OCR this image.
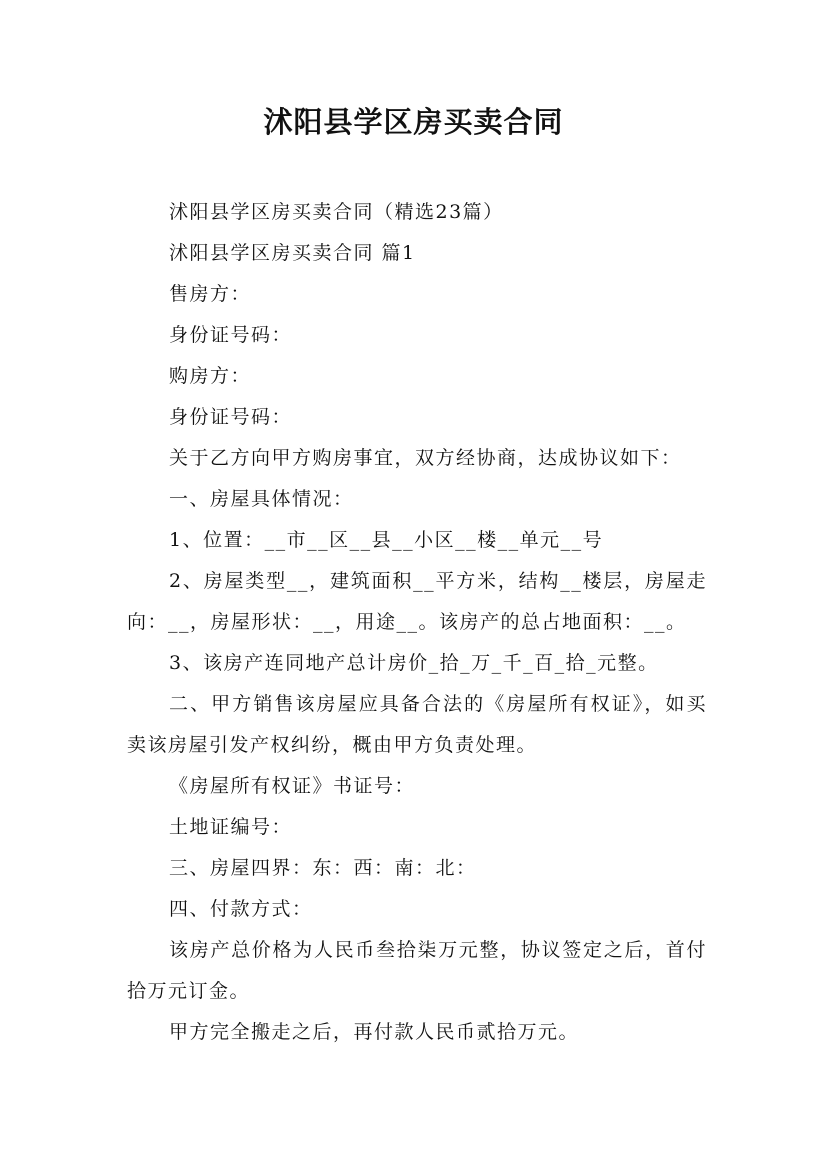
沭阳县学区房买卖合同

沭阳县学区房买卖合同（精选23篇）

沭阳县学区房买卖合同 篇1

售房方：

身份证号码：

购房方：

身份证号码：

关于乙方向甲方购房事宜，双方经协商，达成协议如下：

一、房屋具体情况：

1、位置：__市__区__县__小区__楼__单元__号

2、房屋类型__，建筑面积__平方米，结构__楼层，房屋走向：__，房屋形状：__，用途__。该房产的总占地面积：__。

3、该房产连同地产总计房价_拾_万_千_百_拾_元整。

二、甲方销售该房屋应具备合法的《房屋所有权证》，如买卖该房屋引发产权纠纷，概由甲方负责处理。

《房屋所有权证》书证号：

土地证编号：

三、房屋四界：东：西：南：北：

四、付款方式：

该房产总价格为人民币叁拾柒万元整，协议签定之后，首付拾万元订金。

甲方完全搬走之后，再付款人民币贰拾万元。
